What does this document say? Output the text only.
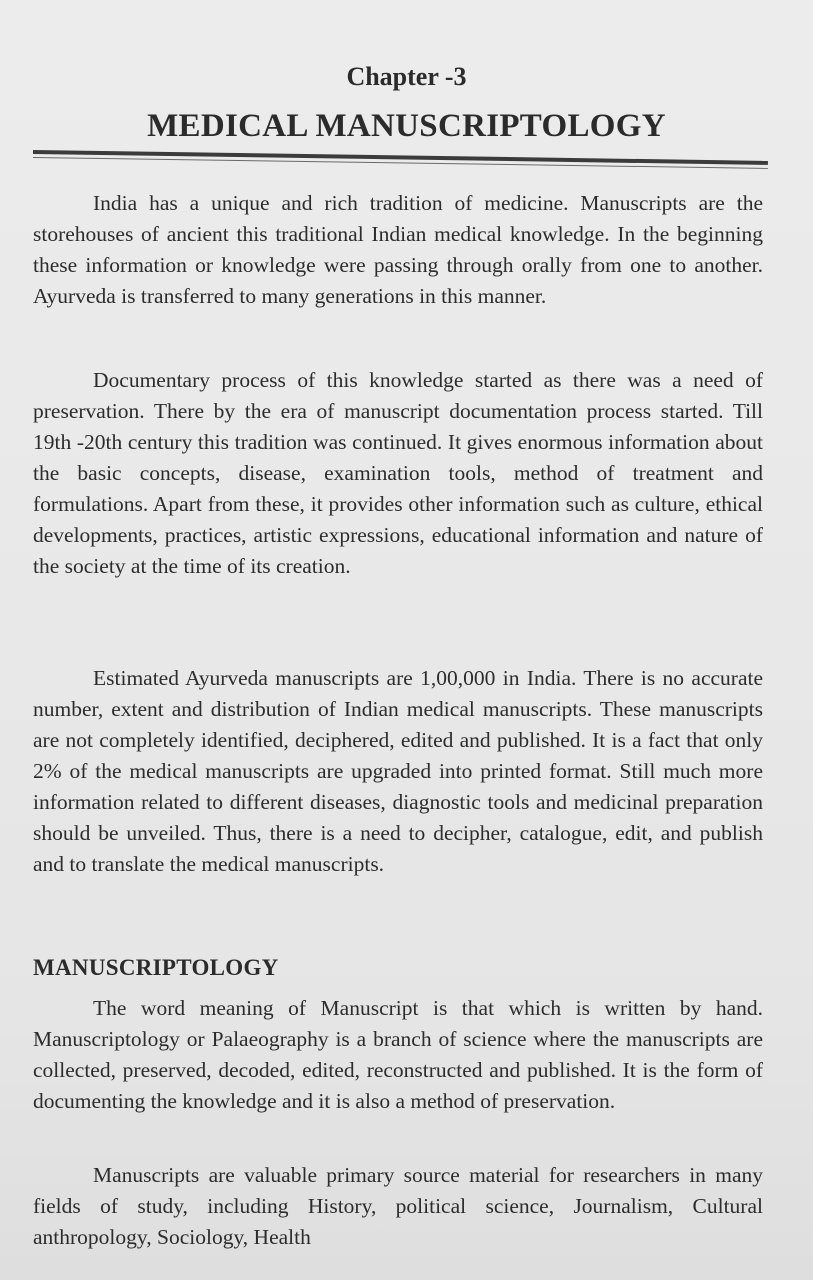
Chapter -3
MEDICAL MANUSCRIPTOLOGY

India has a unique and rich tradition of medicine. Manuscripts are the storehouses of ancient this traditional Indian medical knowledge. In the beginning these information or knowledge were passing through orally from one to another. Ayurveda is transferred to many generations in this manner.

Documentary process of this knowledge started as there was a need of preservation. There by the era of manuscript documentation process started. Till 19th -20th century this tradition was continued. It gives enormous information about the basic concepts, disease, examination tools, method of treatment and formulations. Apart from these, it provides other information such as culture, ethical developments, practices, artistic expressions, educational information and nature of the society at the time of its creation.

Estimated Ayurveda manuscripts are 1,00,000 in India. There is no accurate number, extent and distribution of Indian medical manuscripts. These manuscripts are not completely identified, deciphered, edited and published. It is a fact that only 2% of the medical manuscripts are upgraded into printed format. Still much more information related to different diseases, diagnostic tools and medicinal preparation should be unveiled. Thus, there is a need to decipher, catalogue, edit, and publish and to translate the medical manuscripts.

MANUSCRIPTOLOGY

The word meaning of Manuscript is that which is written by hand. Manuscriptology or Palaeography is a branch of science where the manuscripts are collected, preserved, decoded, edited, reconstructed and published. It is the form of documenting the knowledge and it is also a method of preservation.

Manuscripts are valuable primary source material for researchers in many fields of study, including History, political science, Journalism, Cultural anthropology, Sociology, Health
